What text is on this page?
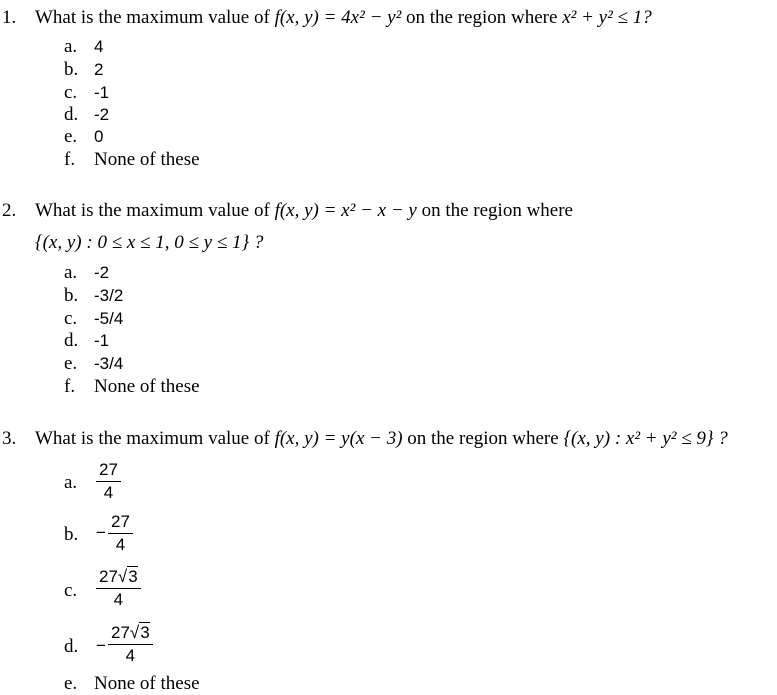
1. What is the maximum value of f(x, y) = 4x² − y² on the region where x² + y² ≤ 1?
a. 4
b. 2
c. -1
d. -2
e. 0
f. None of these
2. What is the maximum value of f(x, y) = x² − x − y on the region where
{(x, y) : 0 ≤ x ≤ 1, 0 ≤ y ≤ 1} ?
a. -2
b. -3/2
c. -5/4
d. -1
e. -3/4
f. None of these
3. What is the maximum value of f(x, y) = y(x − 3) on the region where {(x, y) : x² + y² ≤ 9} ?
a.
27
4
b. −
27
4
c.
27√3
4
d. −
27√3
4
e. None of these
